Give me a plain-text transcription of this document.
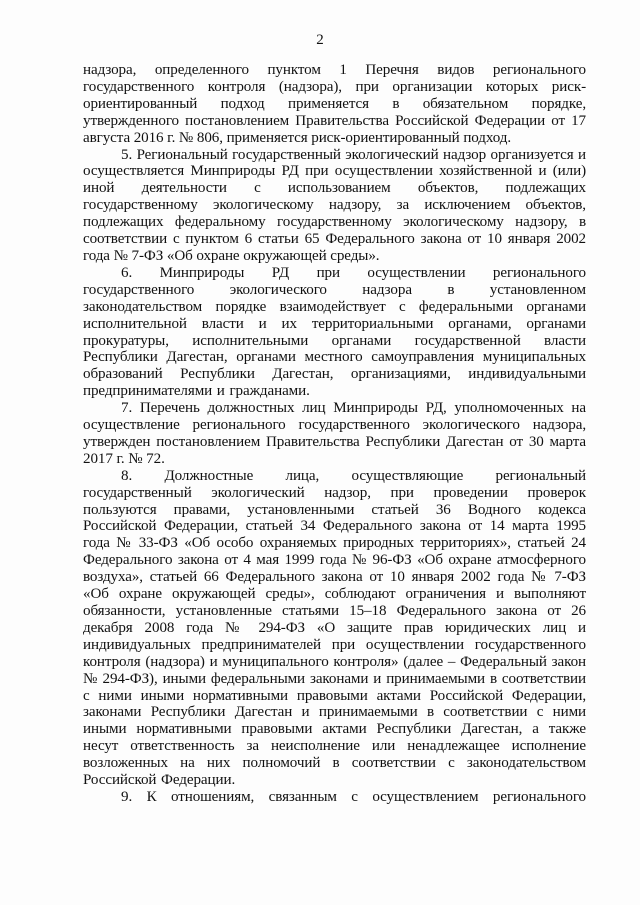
2

надзора, определенного пунктом 1 Перечня видов регионального государственного контроля (надзора), при организации которых риск-ориентированный подход применяется в обязательном порядке, утвержденного постановлением Правительства Российской Федерации от 17 августа 2016 г. № 806, применяется риск-ориентированный подход.

5. Региональный государственный экологический надзор организуется и осуществляется Минприроды РД при осуществлении хозяйственной и (или) иной деятельности с использованием объектов, подлежащих государственному экологическому надзору, за исключением объектов, подлежащих федеральному государственному экологическому надзору, в соответствии с пунктом 6 статьи 65 Федерального закона от 10 января 2002 года № 7-ФЗ «Об охране окружающей среды».

6. Минприроды РД при осуществлении регионального государственного экологического надзора в установленном законодательством порядке взаимодействует с федеральными органами исполнительной власти и их территориальными органами, органами прокуратуры, исполнительными органами государственной власти Республики Дагестан, органами местного самоуправления муниципальных образований Республики Дагестан, организациями, индивидуальными предпринимателями и гражданами.

7. Перечень должностных лиц Минприроды РД, уполномоченных на осуществление регионального государственного экологического надзора, утвержден постановлением Правительства Республики Дагестан от 30 марта 2017 г. № 72.

8. Должностные лица, осуществляющие региональный государственный экологический надзор, при проведении проверок пользуются правами, установленными статьей 36 Водного кодекса Российской Федерации, статьей 34 Федерального закона от 14 марта 1995 года № 33-ФЗ «Об особо охраняемых природных территориях», статьей 24 Федерального закона от 4 мая 1999 года № 96-ФЗ «Об охране атмосферного воздуха», статьей 66 Федерального закона от 10 января 2002 года № 7-ФЗ «Об охране окружающей среды», соблюдают ограничения и выполняют обязанности, установленные статьями 15–18 Федерального закона от 26 декабря 2008 года № 294-ФЗ «О защите прав юридических лиц и индивидуальных предпринимателей при осуществлении государственного контроля (надзора) и муниципального контроля» (далее – Федеральный закон № 294-ФЗ), иными федеральными законами и принимаемыми в соответствии с ними иными нормативными правовыми актами Российской Федерации, законами Республики Дагестан и принимаемыми в соответствии с ними иными нормативными правовыми актами Республики Дагестан, а также несут ответственность за неисполнение или ненадлежащее исполнение возложенных на них полномочий в соответствии с законодательством Российской Федерации.

9. К отношениям, связанным с осуществлением регионального
